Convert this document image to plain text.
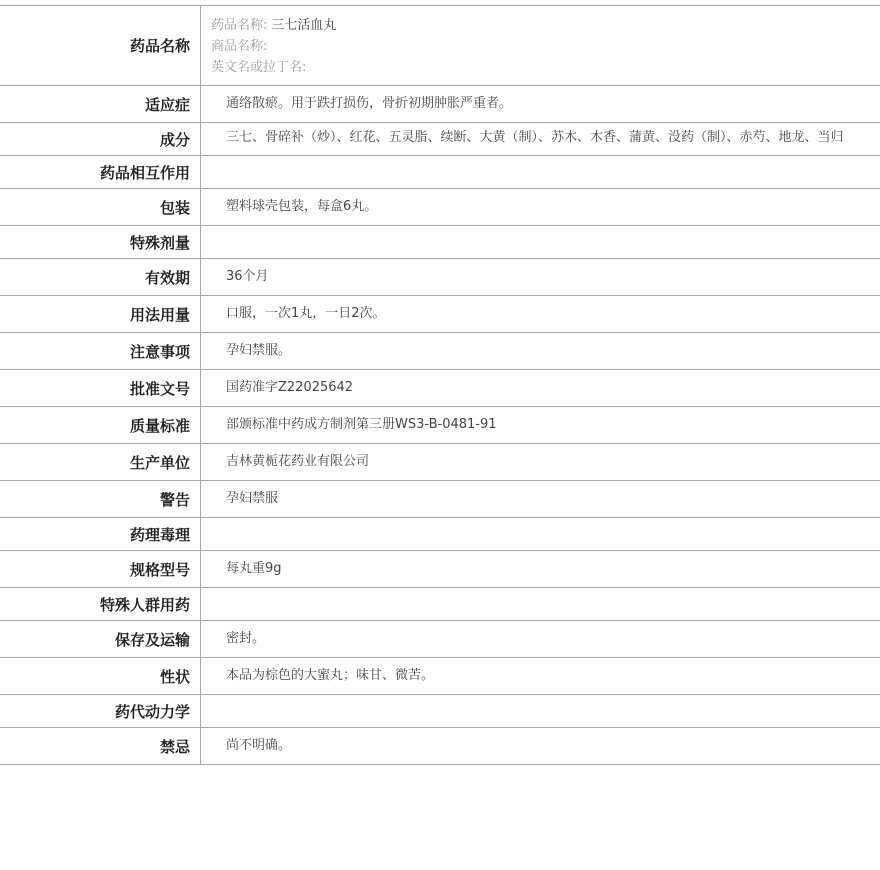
药品名称
药品名称: 三七活血丸
商品名称:
英文名或拉丁名:
适应症	通络散瘀。用于跌打损伤，骨折初期肿胀严重者。
成分	三七、骨碎补（炒）、红花、五灵脂、续断、大黄（制）、苏木、木香、蒲黄、没药（制）、赤芍、地龙、当归
药品相互作用
包装	塑料球壳包装，每盒6丸。
特殊剂量
有效期	36个月
用法用量	口服，一次1丸，一日2次。
注意事项	孕妇禁服。
批准文号	国药准字Z22025642
质量标准	部颁标准中药成方制剂第三册WS3-B-0481-91
生产单位	吉林黄栀花药业有限公司
警告	孕妇禁服
药理毒理
规格型号	每丸重9g
特殊人群用药
保存及运输	密封。
性状	本品为棕色的大蜜丸；味甘、微苦。
药代动力学
禁忌	尚不明确。
